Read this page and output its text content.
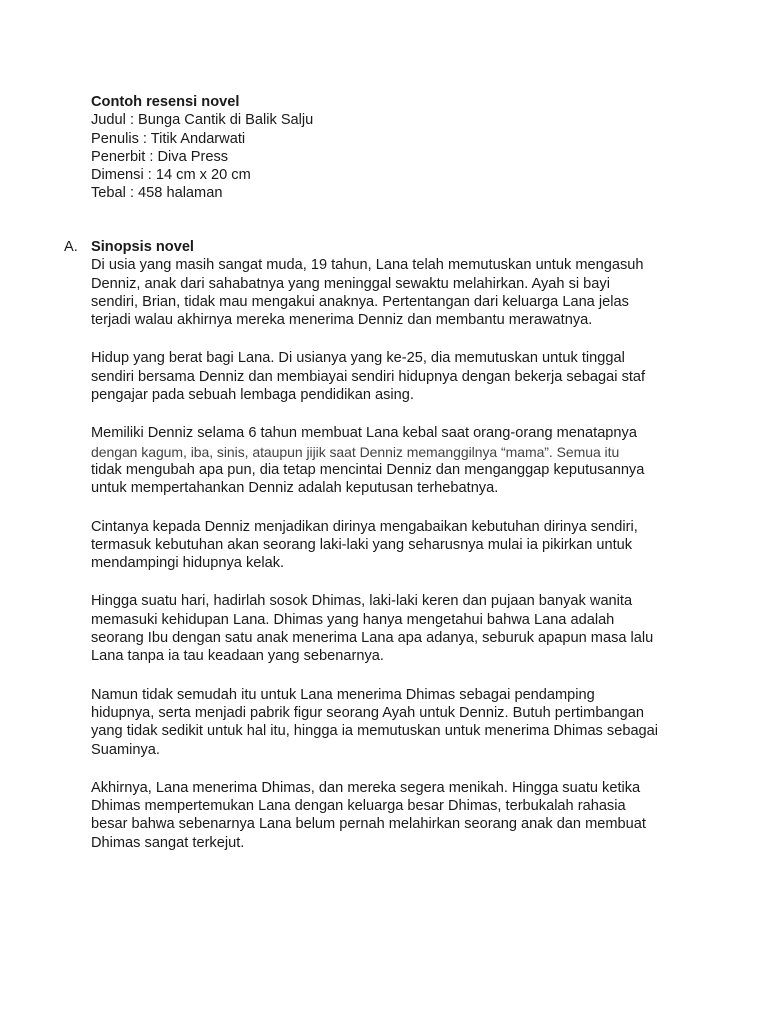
Contoh resensi novel
Judul : Bunga Cantik di Balik Salju
Penulis : Titik Andarwati
Penerbit : Diva Press
Dimensi : 14 cm x 20 cm
Tebal : 458 halaman
A. Sinopsis novel
Di usia yang masih sangat muda, 19 tahun, Lana telah memutuskan untuk mengasuh
Denniz, anak dari sahabatnya yang meninggal sewaktu melahirkan. Ayah si bayi
sendiri, Brian, tidak mau mengakui anaknya. Pertentangan dari keluarga Lana jelas
terjadi walau akhirnya mereka menerima Denniz dan membantu merawatnya.
Hidup yang berat bagi Lana. Di usianya yang ke-25, dia memutuskan untuk tinggal
sendiri bersama Denniz dan membiayai sendiri hidupnya dengan bekerja sebagai staf
pengajar pada sebuah lembaga pendidikan asing.
Memiliki Denniz selama 6 tahun membuat Lana kebal saat orang-orang menatapnya
dengan kagum, iba, sinis, ataupun jijik saat Denniz memanggilnya “mama”. Semua itu
tidak mengubah apa pun, dia tetap mencintai Denniz dan menganggap keputusannya
untuk mempertahankan Denniz adalah keputusan terhebatnya.
Cintanya kepada Denniz menjadikan dirinya mengabaikan kebutuhan dirinya sendiri,
termasuk kebutuhan akan seorang laki-laki yang seharusnya mulai ia pikirkan untuk
mendampingi hidupnya kelak.
Hingga suatu hari, hadirlah sosok Dhimas, laki-laki keren dan pujaan banyak wanita
memasuki kehidupan Lana. Dhimas yang hanya mengetahui bahwa Lana adalah
seorang Ibu dengan satu anak menerima Lana apa adanya, seburuk apapun masa lalu
Lana tanpa ia tau keadaan yang sebenarnya.
Namun tidak semudah itu untuk Lana menerima Dhimas sebagai pendamping
hidupnya, serta menjadi pabrik figur seorang Ayah untuk Denniz. Butuh pertimbangan
yang tidak sedikit untuk hal itu, hingga ia memutuskan untuk menerima Dhimas sebagai
Suaminya.
Akhirnya, Lana menerima Dhimas, dan mereka segera menikah. Hingga suatu ketika
Dhimas mempertemukan Lana dengan keluarga besar Dhimas, terbukalah rahasia
besar bahwa sebenarnya Lana belum pernah melahirkan seorang anak dan membuat
Dhimas sangat terkejut.
